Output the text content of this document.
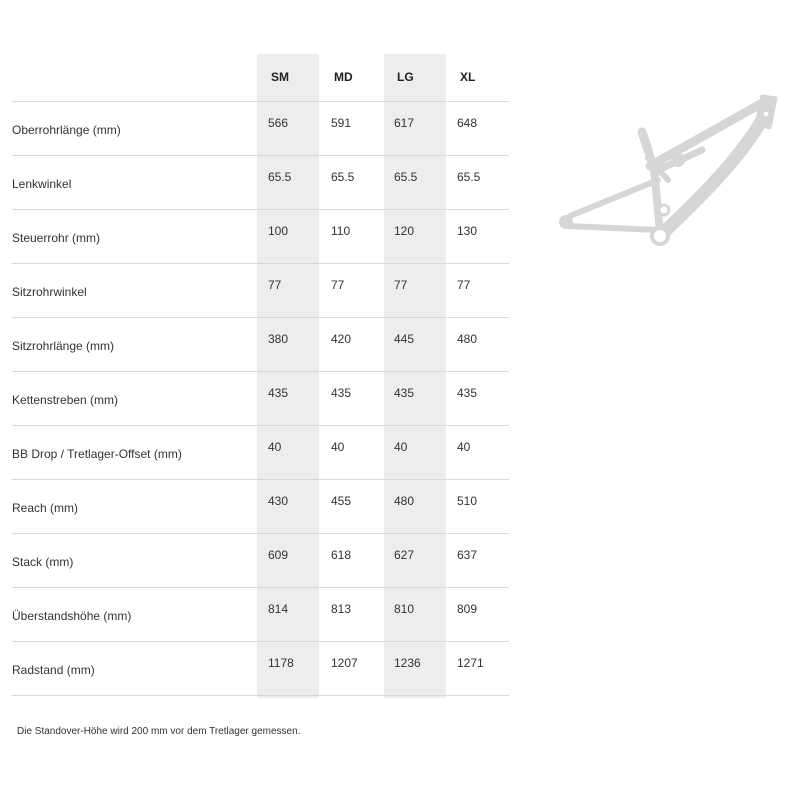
	SM	MD	LG	XL
Oberrohrlänge (mm)	566	591	617	648
Lenkwinkel	65.5	65.5	65.5	65.5
Steuerrohr (mm)	100	110	120	130
Sitzrohrwinkel	77	77	77	77
Sitzrohrlänge (mm)	380	420	445	480
Kettenstreben (mm)	435	435	435	435
BB Drop / Tretlager-Offset (mm)	40	40	40	40
Reach (mm)	430	455	480	510
Stack (mm)	609	618	627	637
Überstandshöhe (mm)	814	813	810	809
Radstand (mm)	1178	1207	1236	1271
Die Standover-Höhe wird 200 mm vor dem Tretlager gemessen.
